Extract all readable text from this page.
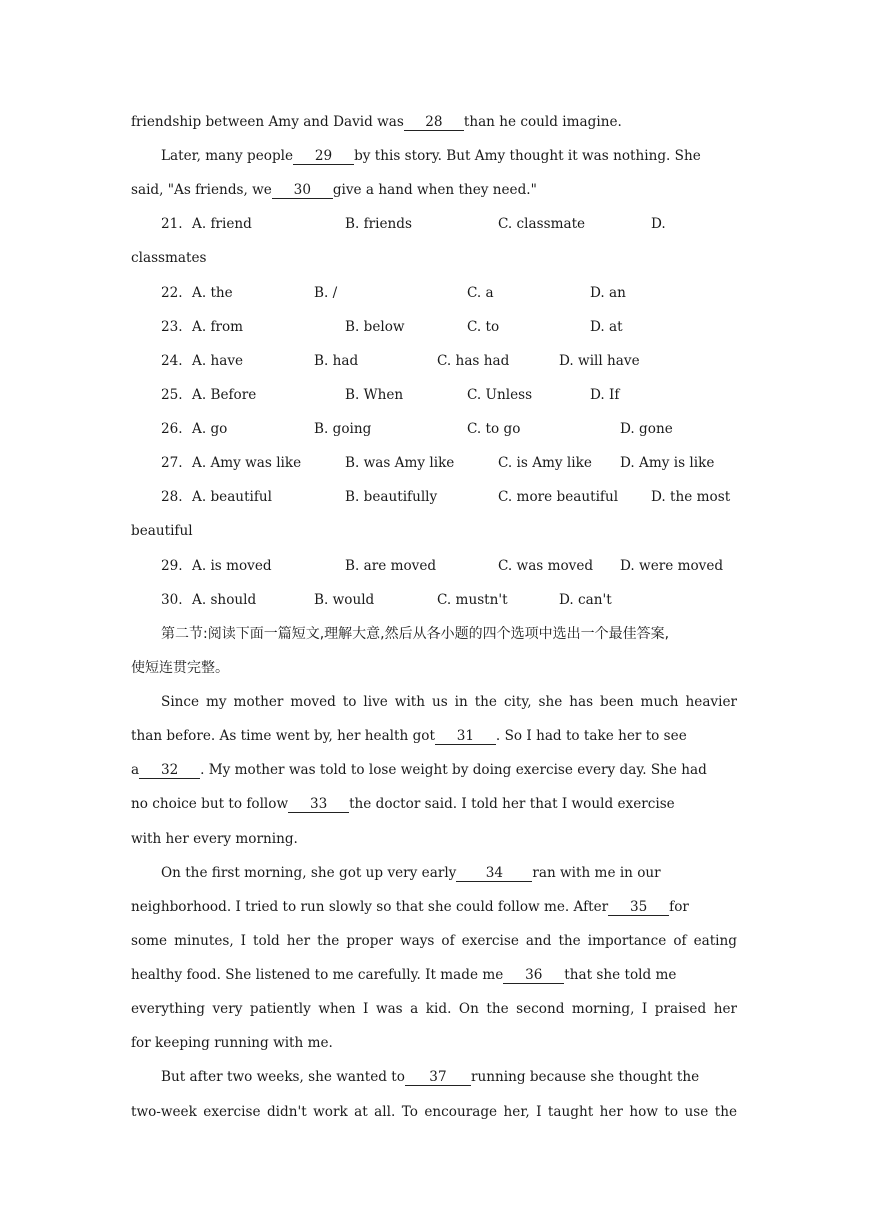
friendship between Amy and David was 28 than he could imagine.
Later, many people 29 by this story. But Amy thought it was nothing. She
said, "As friends, we 30 give a hand when they need."
21. A. friend	B. friends	C. classmate	D.
classmates
22. A. the	B. /	C. a	D. an
23. A. from	B. below	C. to	D. at
24. A. have	B. had	C. has had	D. will have
25. A. Before	B. When	C. Unless	D. If
26. A. go	B. going	C. to go	D. gone
27. A. Amy was like	B. was Amy like	C. is Amy like D. Amy is like
28. A. beautiful	B. beautifully	C. more beautiful D. the most
beautiful
29. A. is moved	B. are moved	C. was moved D. were moved
30. A. should	B. would	C. mustn't	D. can't
第二节:阅读下面一篇短文,理解大意,然后从各小题的四个选项中选出一个最佳答案,
使短连贯完整。
Since my mother moved to live with us in the city, she has been much heavier
than before. As time went by, her health got 31 . So I had to take her to see
a 32 . My mother was told to lose weight by doing exercise every day. She had
no choice but to follow 33 the doctor said. I told her that I would exercise
with her every morning.
On the first morning, she got up very early 34 ran with me in our
neighborhood. I tried to run slowly so that she could follow me. After 35 for
some minutes, I told her the proper ways of exercise and the importance of eating
healthy food. She listened to me carefully. It made me 36 that she told me
everything very patiently when I was a kid. On the second morning, I praised her
for keeping running with me.
But after two weeks, she wanted to 37 running because she thought the
two-week exercise didn't work at all. To encourage her, I taught her how to use the
